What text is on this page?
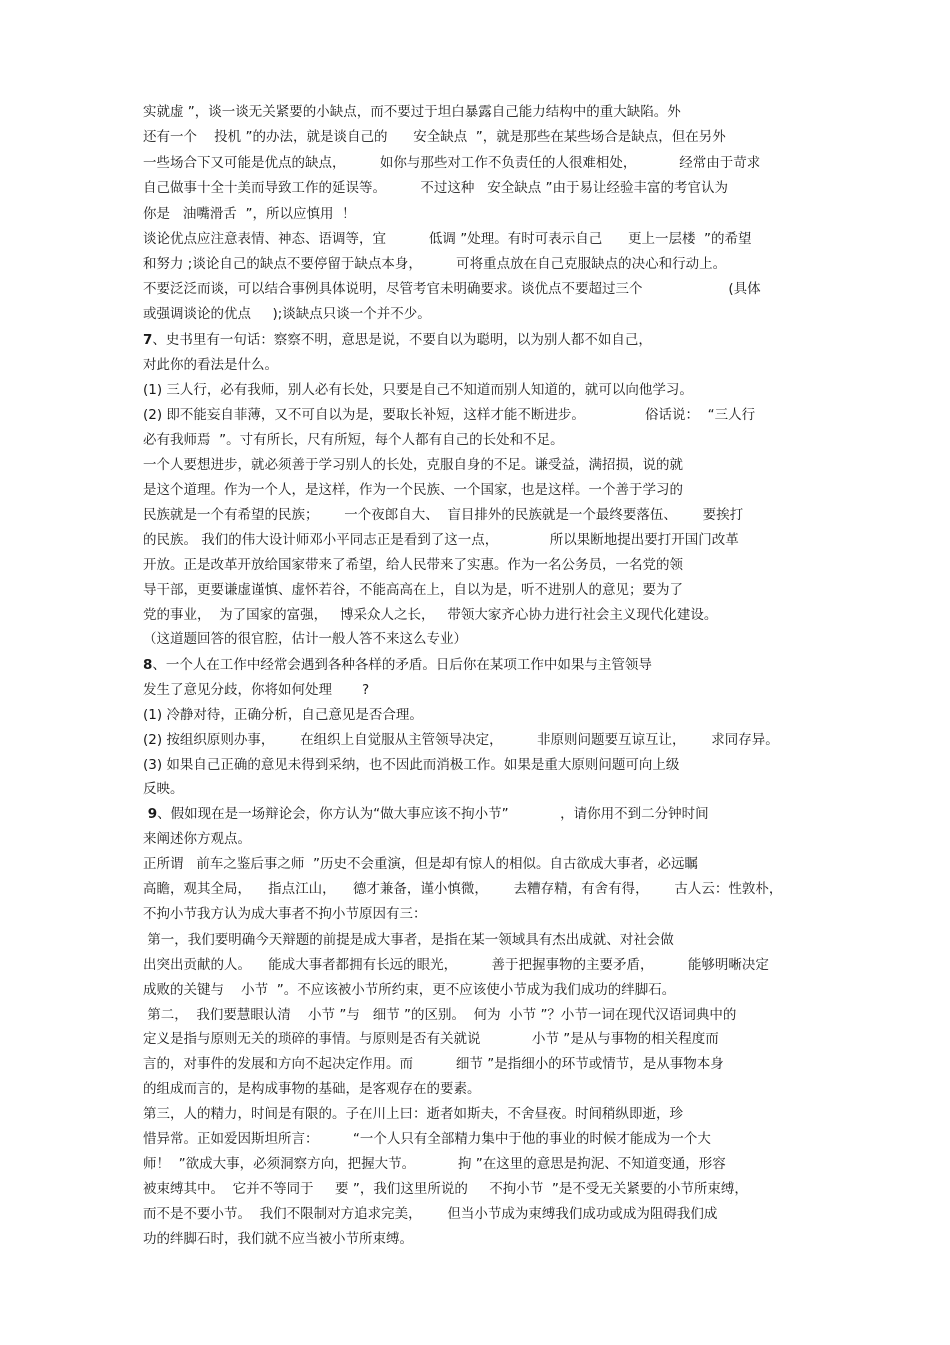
实就虚 ”，谈一谈无关紧要的小缺点，而不要过于坦白暴露自己能力结构中的重大缺陷。外
还有一个    投机 ”的办法，就是谈自己的      安全缺点  ”，就是那些在某些场合是缺点，但在另外
一些场合下又可能是优点的缺点，        如你与那些对工作不负责任的人很难相处，          经常由于苛求
自己做事十全十美而导致工作的延误等。        不过这种   安全缺点 ”由于易让经验丰富的考官认为
你是   油嘴滑舌  ”，所以应慎用  ！
谈论优点应注意表情、神态、语调等，宜          低调 ”处理。有时可表示自己      更上一层楼  ”的希望
和努力 ;谈论自己的缺点不要停留于缺点本身，        可将重点放在自己克服缺点的决心和行动上。
不要泛泛而谈，可以结合事例具体说明，尽管考官未明确要求。谈优点不要超过三个                    (具体
或强调谈论的优点     );谈缺点只谈一个并不少。
7、史书里有一句话：察察不明，意思是说，不要自以为聪明，以为别人都不如自己，
对此你的看法是什么。
(1) 三人行，必有我师，别人必有长处，只要是自己不知道而别人知道的，就可以向他学习。
(2) 即不能妄自菲薄，又不可自以为是，要取长补短，这样才能不断进步。              俗话说：  “三人行
必有我师焉  ”。寸有所长，尺有所短，每个人都有自己的长处和不足。
一个人要想进步，就必须善于学习别人的长处，克服自身的不足。谦受益，满招损，说的就
是这个道理。作为一个人，是这样，作为一个民族、一个国家，也是这样。一个善于学习的
民族就是一个有希望的民族；      一个夜郎自大、  盲目排外的民族就是一个最终要落伍、      要挨打
的民族。 我们的伟大设计师邓小平同志正是看到了这一点，            所以果断地提出要打开国门改革
开放。正是改革开放给国家带来了希望，给人民带来了实惠。作为一名公务员，一名党的领
导干部，更要谦虚谨慎、虚怀若谷，不能高高在上，自以为是，听不进别人的意见；要为了
党的事业，  为了国家的富强，   博采众人之长，   带领大家齐心协力进行社会主义现代化建设。
（这道题回答的很官腔，估计一般人答不来这么专业）
8、一个人在工作中经常会遇到各种各样的矛盾。日后你在某项工作中如果与主管领导
发生了意见分歧，你将如何处理       ?
(1) 冷静对待，正确分析，自己意见是否合理。
(2) 按组织原则办事，      在组织上自觉服从主管领导决定，        非原则问题要互谅互让，      求同存异。
(3) 如果自己正确的意见未得到采纳，也不因此而消极工作。如果是重大原则问题可向上级
反映。
9、假如现在是一场辩论会，你方认为“做大事应该不拘小节”            ，请你用不到二分钟时间
来阐述你方观点。
正所谓   前车之鉴后事之师  ”历史不会重演，但是却有惊人的相似。自古欲成大事者，必远瞩
高瞻，观其全局，    指点江山，    德才兼备，谨小慎微，      去糟存精，有舍有得，      古人云：性敦朴，
不拘小节我方认为成大事者不拘小节原因有三：
第一，我们要明确今天辩题的前提是成大事者，是指在某一领域具有杰出成就、对社会做
出突出贡献的人。    能成大事者都拥有长远的眼光，        善于把握事物的主要矛盾，        能够明晰决定
成败的关键与    小节  ”。不应该被小节所约束，更不应该使小节成为我们成功的绊脚石。
第二，  我们要慧眼认清    小节 ”与   细节 ”的区别。  何为  小节 ”？小节一词在现代汉语词典中的
定义是指与原则无关的琐碎的事情。与原则是否有关就说            小节 ”是从与事物的相关程度而
言的，对事件的发展和方向不起决定作用。而          细节 ”是指细小的环节或情节，是从事物本身
的组成而言的，是构成事物的基础，是客观存在的要素。
第三，人的精力，时间是有限的。子在川上曰：逝者如斯夫，不舍昼夜。时间稍纵即逝，珍
惜异常。正如爱因斯坦所言：        “一个人只有全部精力集中于他的事业的时候才能成为一个大
师！  ”欲成大事，必须洞察方向，把握大节。          拘 ”在这里的意思是拘泥、不知道变通，形容
被束缚其中。  它并不等同于     要 ”，我们这里所说的     不拘小节  ”是不受无关紧要的小节所束缚，
而不是不要小节。  我们不限制对方追求完美，      但当小节成为束缚我们成功或成为阻碍我们成
功的绊脚石时，我们就不应当被小节所束缚。
